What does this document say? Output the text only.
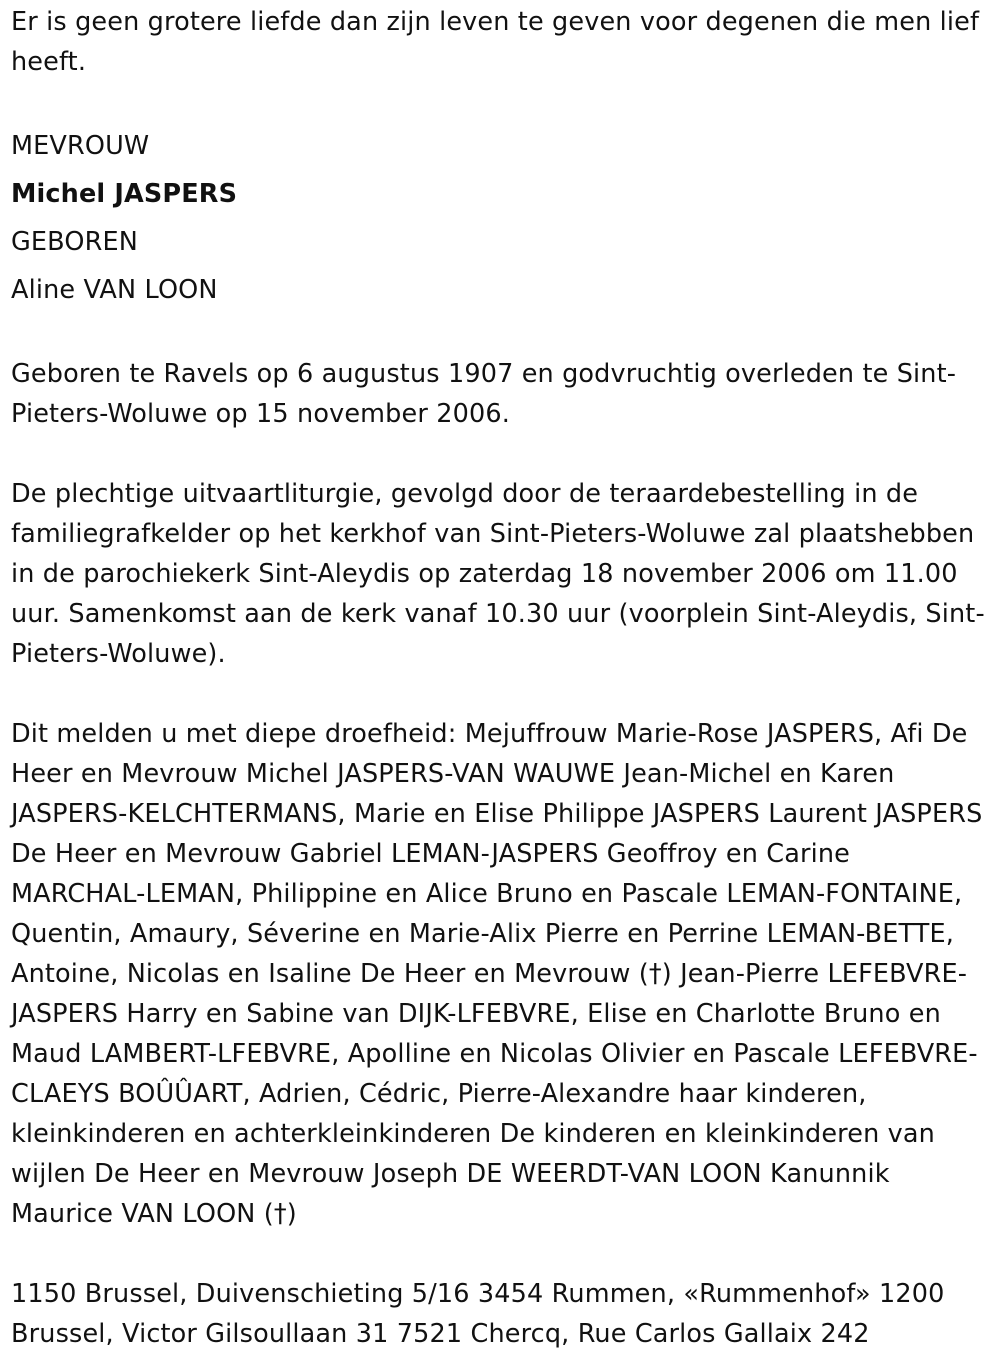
Er is geen grotere liefde dan zijn leven te geven voor degenen die men lief heeft.

MEVROUW

Michel JASPERS

GEBOREN

Aline VAN LOON

Geboren te Ravels op 6 augustus 1907 en godvruchtig overleden te Sint-Pieters-Woluwe op 15 november 2006.

De plechtige uitvaartliturgie, gevolgd door de teraardebestelling in de familiegrafkelder op het kerkhof van Sint-Pieters-Woluwe zal plaatshebben in de parochiekerk Sint-Aleydis op zaterdag 18 november 2006 om 11.00 uur. Samenkomst aan de kerk vanaf 10.30 uur (voorplein Sint-Aleydis, Sint-Pieters-Woluwe).

Dit melden u met diepe droefheid: Mejuffrouw Marie-Rose JASPERS, Afi De Heer en Mevrouw Michel JASPERS-VAN WAUWE Jean-Michel en Karen JASPERS-KELCHTERMANS, Marie en Elise Philippe JASPERS Laurent JASPERS De Heer en Mevrouw Gabriel LEMAN-JASPERS Geoffroy en Carine MARCHAL-LEMAN, Philippine en Alice Bruno en Pascale LEMAN-FONTAINE, Quentin, Amaury, Séverine en Marie-Alix Pierre en Perrine LEMAN-BETTE, Antoine, Nicolas en Isaline De Heer en Mevrouw (†) Jean-Pierre LEFEBVRE-JASPERS Harry en Sabine van DIJK-LFEBVRE, Elise en Charlotte Bruno en Maud LAMBERT-LFEBVRE, Apolline en Nicolas Olivier en Pascale LEFEBVRE-CLAEYS BOÛÛART, Adrien, Cédric, Pierre-Alexandre haar kinderen, kleinkinderen en achterkleinkinderen De kinderen en kleinkinderen van wijlen De Heer en Mevrouw Joseph DE WEERDT-VAN LOON Kanunnik Maurice VAN LOON (†)

1150 Brussel, Duivenschieting 5/16 3454 Rummen, «Rummenhof» 1200 Brussel, Victor Gilsoullaan 31 7521 Chercq, Rue Carlos Gallaix 242
